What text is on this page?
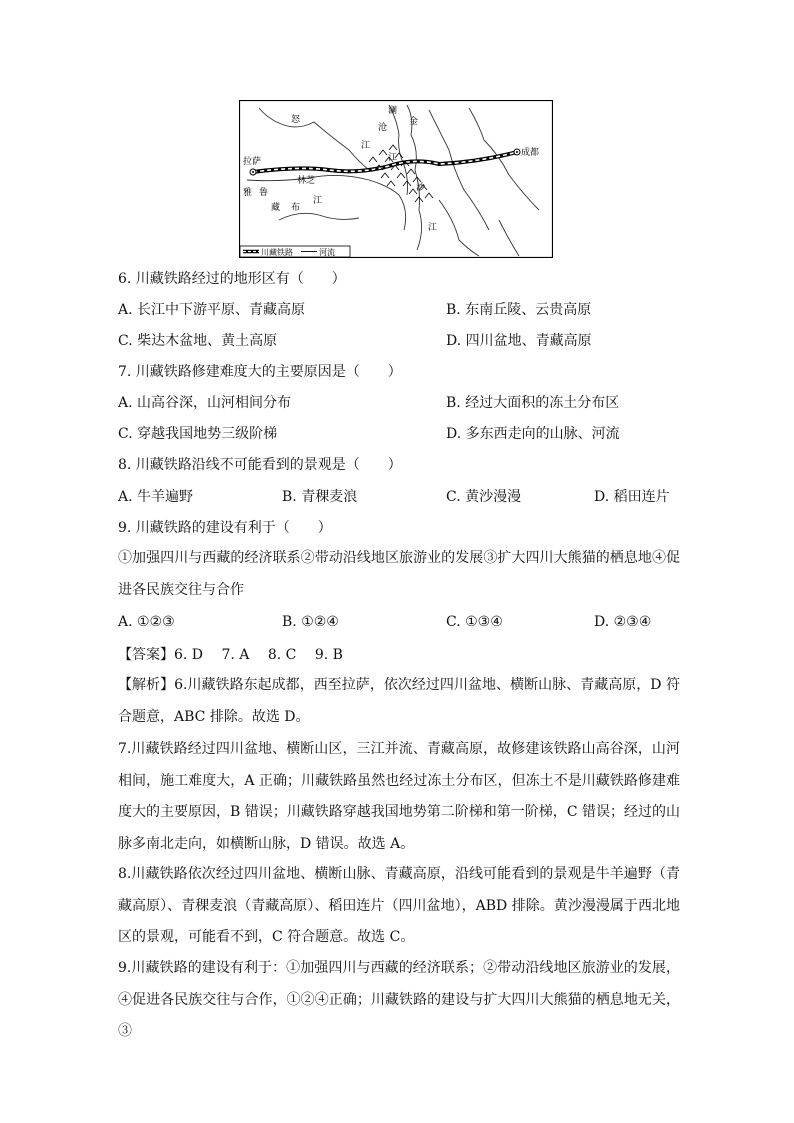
怒
江
澜
沧
江
金
沙
江
拉萨
林芝
成都
雅 鲁
藏 布
江
川藏铁路	河流
6. 川藏铁路经过的地形区有（　　）
A. 长江中下游平原、青藏高原	B. 东南丘陵、云贵高原
C. 柴达木盆地、黄土高原	D. 四川盆地、青藏高原
7. 川藏铁路修建难度大的主要原因是（　　）
A. 山高谷深，山河相间分布	B. 经过大面积的冻土分布区
C. 穿越我国地势三级阶梯	D. 多东西走向的山脉、河流
8. 川藏铁路沿线不可能看到的景观是（　　）
A. 牛羊遍野	B. 青稞麦浪	C. 黄沙漫漫	D. 稻田连片
9. 川藏铁路的建设有利于（　　）
①加强四川与西藏的经济联系②带动沿线地区旅游业的发展③扩大四川大熊猫的栖息地④促进各民族交往与合作
A. ①②③	B. ①②④	C. ①③④	D. ②③④
【答案】6. D　 7. A　 8. C　 9. B
【解析】6.川藏铁路东起成都，西至拉萨，依次经过四川盆地、横断山脉、青藏高原，D 符合题意，ABC 排除。故选 D。
7.川藏铁路经过四川盆地、横断山区，三江并流、青藏高原，故修建该铁路山高谷深，山河相间，施工难度大，A 正确；川藏铁路虽然也经过冻土分布区，但冻土不是川藏铁路修建难度大的主要原因，B 错误；川藏铁路穿越我国地势第二阶梯和第一阶梯，C 错误；经过的山脉多南北走向，如横断山脉，D 错误。故选 A。
8.川藏铁路依次经过四川盆地、横断山脉、青藏高原，沿线可能看到的景观是牛羊遍野（青藏高原）、青稞麦浪（青藏高原）、稻田连片（四川盆地），ABD 排除。黄沙漫漫属于西北地区的景观，可能看不到，C 符合题意。故选 C。
9.川藏铁路的建设有利于：①加强四川与西藏的经济联系；②带动沿线地区旅游业的发展，④促进各民族交往与合作，①②④正确；川藏铁路的建设与扩大四川大熊猫的栖息地无关，③
